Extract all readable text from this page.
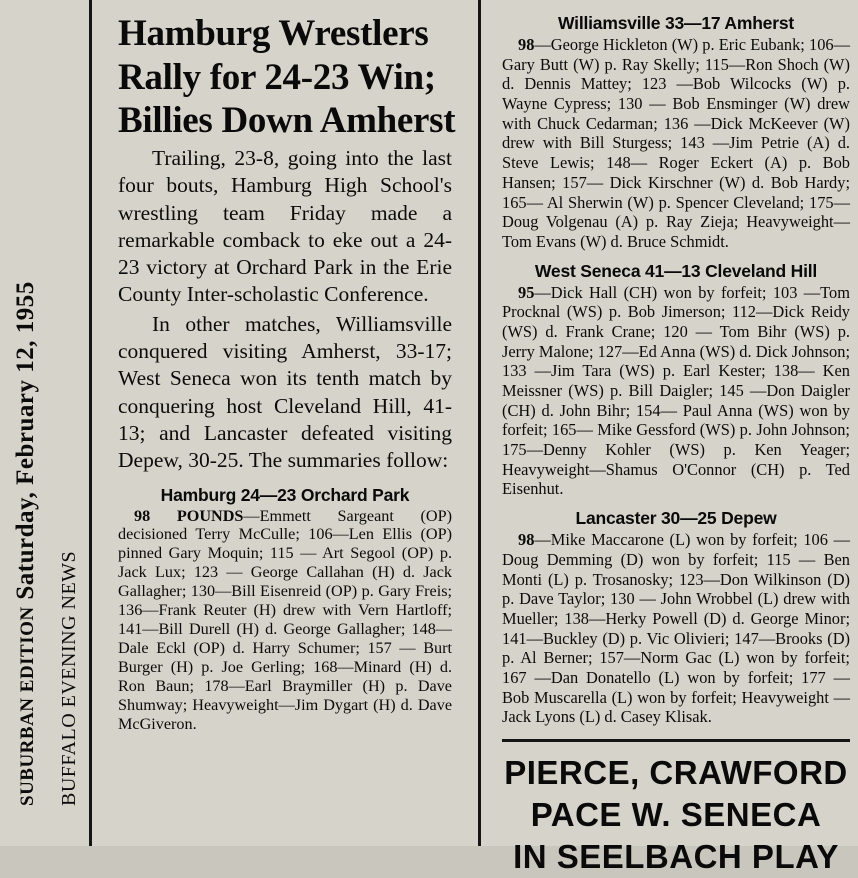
SUBURBAN EDITION Saturday, February 12, 1955
BUFFALO EVENING NEWS
Hamburg Wrestlers
Rally for 24-23 Win;
Billies Down Amherst

Trailing, 23-8, going into the last four bouts, Hamburg High School's wrestling team Friday made a remarkable comback to eke out a 24-23 victory at Orchard Park in the Erie County Inter-scholastic Conference.

In other matches, Williamsville conquered visiting Amherst, 33-17; West Seneca won its tenth match by conquering host Cleveland Hill, 41-13; and Lancaster defeated visiting Depew, 30-25. The summaries follow:

Hamburg 24—23 Orchard Park
98 POUNDS—Emmett Sargeant (OP) decisioned Terry McCulle; 106—Len Ellis (OP) pinned Gary Moquin; 115 — Art Segool (OP) p. Jack Lux; 123 — George Callahan (H) d. Jack Gallagher; 130—Bill Eisenreid (OP) p. Gary Freis; 136—Frank Reuter (H) drew with Vern Hartloff; 141—Bill Durell (H) d. George Gallagher; 148—Dale Eckl (OP) d. Harry Schumer; 157 — Burt Burger (H) p. Joe Gerling; 168—Minard (H) d. Ron Baun; 178—Earl Braymiller (H) p. Dave Shumway; Heavyweight—Jim Dygart (H) d. Dave McGiveron.
Williamsville 33—17 Amherst
98—George Hickleton (W) p. Eric Eubank; 106—Gary Butt (W) p. Ray Skelly; 115—Ron Shoch (W) d. Dennis Mattey; 123 —Bob Wilcocks (W) p. Wayne Cypress; 130 — Bob Ensminger (W) drew with Chuck Cedarman; 136 —Dick McKeever (W) drew with Bill Sturgess; 143 —Jim Petrie (A) d. Steve Lewis; 148— Roger Eckert (A) p. Bob Hansen; 157— Dick Kirschner (W) d. Bob Hardy; 165— Al Sherwin (W) p. Spencer Cleveland; 175—Doug Volgenau (A) p. Ray Zieja; Heavyweight—Tom Evans (W) d. Bruce Schmidt.
West Seneca 41—13 Cleveland Hill
95—Dick Hall (CH) won by forfeit; 103 —Tom Procknal (WS) p. Bob Jimerson; 112—Dick Reidy (WS) d. Frank Crane; 120 — Tom Bihr (WS) p. Jerry Malone; 127—Ed Anna (WS) d. Dick Johnson; 133 —Jim Tara (WS) p. Earl Kester; 138— Ken Meissner (WS) p. Bill Daigler; 145 —Don Daigler (CH) d. John Bihr; 154— Paul Anna (WS) won by forfeit; 165— Mike Gessford (WS) p. John Johnson; 175—Denny Kohler (WS) p. Ken Yeager; Heavyweight—Shamus O'Connor (CH) p. Ted Eisenhut.
Lancaster 30—25 Depew
98—Mike Maccarone (L) won by forfeit; 106 — Doug Demming (D) won by forfeit; 115 — Ben Monti (L) p. Trosanosky; 123—Don Wilkinson (D) p. Dave Taylor; 130 — John Wrobbel (L) drew with Mueller; 138—Herky Powell (D) d. George Minor; 141—Buckley (D) p. Vic Olivieri; 147—Brooks (D) p. Al Berner; 157—Norm Gac (L) won by forfeit; 167 —Dan Donatello (L) won by forfeit; 177 — Bob Muscarella (L) won by forfeit; Heavyweight — Jack Lyons (L) d. Casey Klisak.
PIERCE, CRAWFORD
PACE W. SENECA
IN SEELBACH PLAY
